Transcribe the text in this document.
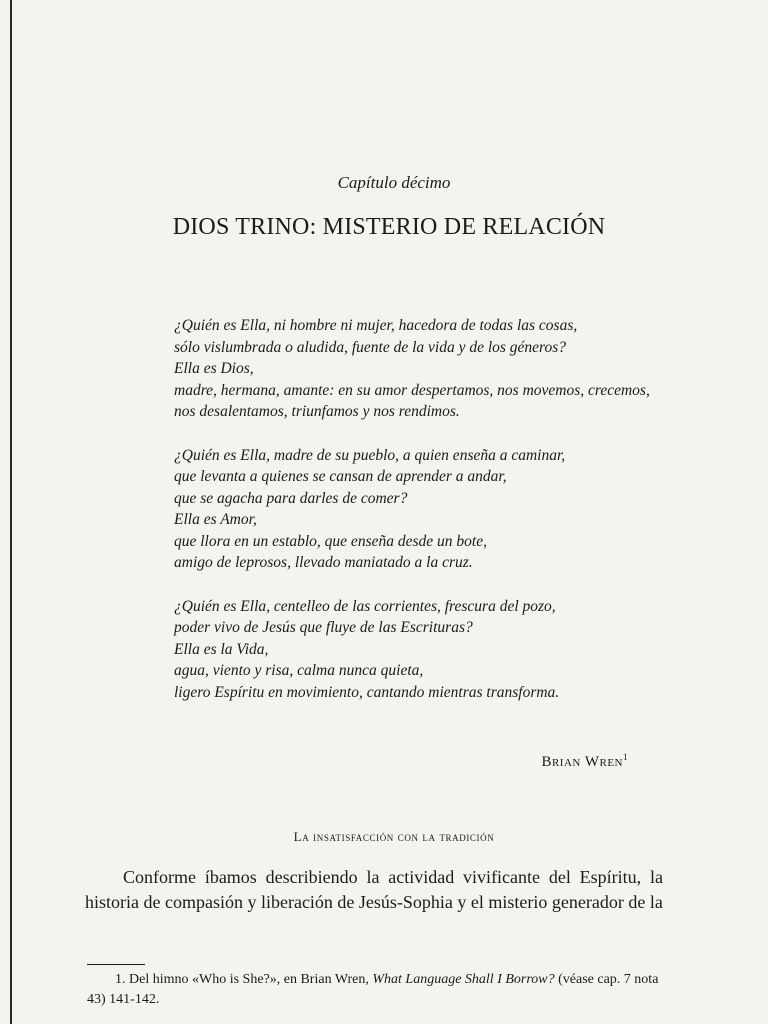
Capítulo décimo
DIOS TRINO: MISTERIO DE RELACIÓN
¿Quién es Ella, ni hombre ni mujer, hacedora de todas las cosas,
sólo vislumbrada o aludida, fuente de la vida y de los géneros?
Ella es Dios,
madre, hermana, amante: en su amor despertamos, nos movemos, crecemos,
nos desalentamos, triunfamos y nos rendimos.
¿Quién es Ella, madre de su pueblo, a quien enseña a caminar,
que levanta a quienes se cansan de aprender a andar,
que se agacha para darles de comer?
Ella es Amor,
que llora en un establo, que enseña desde un bote,
amigo de leprosos, llevado maniatado a la cruz.
¿Quién es Ella, centelleo de las corrientes, frescura del pozo,
poder vivo de Jesús que fluye de las Escrituras?
Ella es la Vida,
agua, viento y risa, calma nunca quieta,
ligero Espíritu en movimiento, cantando mientras transforma.
Brian Wren$^1$
La insatisfacción con la tradición
Conforme íbamos describiendo la actividad vivificante del Espíritu, la historia de compasión y liberación de Jesús-Sophia y el misterio generador de la
1. Del himno «Who is She?», en Brian Wren, What Language Shall I Borrow? (véase cap. 7 nota 43) 141-142.
